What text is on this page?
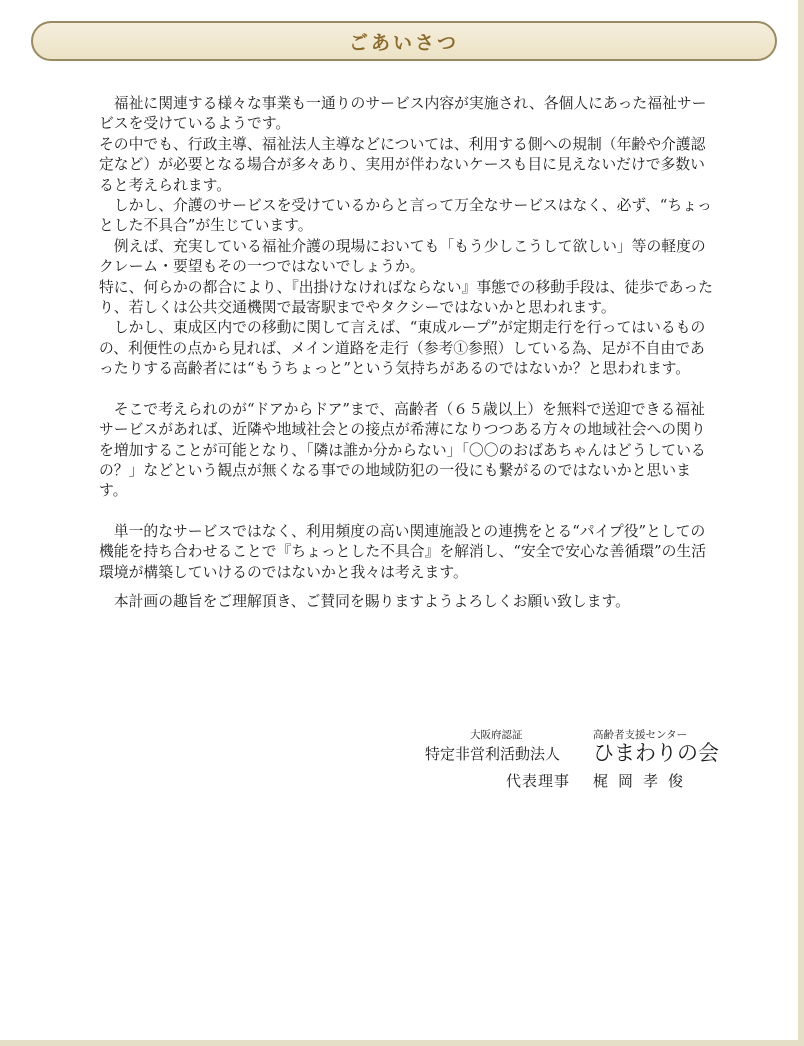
ごあいさつ

　福祉に関連する様々な事業も一通りのサービス内容が実施され、各個人にあった福祉サービスを受けているようです。
その中でも、行政主導、福祉法人主導などについては、利用する側への規制（年齢や介護認定など）が必要となる場合が多々あり、実用が伴わないケースも目に見えないだけで多数いると考えられます。
　しかし、介護のサービスを受けているからと言って万全なサービスはなく、必ず、“ちょっとした不具合”が生じています。
　例えば、充実している福祉介護の現場においても「もう少しこうして欲しい」等の軽度のクレーム・要望もその一つではないでしょうか。
特に、何らかの都合により、『出掛けなければならない』事態での移動手段は、徒歩であったり、若しくは公共交通機関で最寄駅までやタクシーではないかと思われます。
　しかし、東成区内での移動に関して言えば、“東成ループ”が定期走行を行ってはいるものの、利便性の点から見れば、メイン道路を走行（参考①参照）している為、足が不自由であったりする高齢者には“もうちょっと”という気持ちがあるのではないか？と思われます。

　そこで考えられのが“ドアからドア”まで、高齢者（６５歳以上）を無料で送迎できる福祉サービスがあれば、近隣や地域社会との接点が希薄になりつつある方々の地域社会への関りを増加することが可能となり、「隣は誰か分からない」「〇〇のおばあちゃんはどうしているの？」などという観点が無くなる事での地域防犯の一役にも繋がるのではないかと思います。

　単一的なサービスではなく、利用頻度の高い関連施設との連携をとる“パイプ役”としての機能を持ち合わせることで『ちょっとした不具合』を解消し、“安全で安心な善循環”の生活環境が構築していけるのではないかと我々は考えます。

　本計画の趣旨をご理解頂き、ご賛同を賜りますようよろしくお願い致します。

大阪府認証	高齢者支援センター
特定非営利活動法人 ひまわりの会
代表理事 梶岡孝俊
